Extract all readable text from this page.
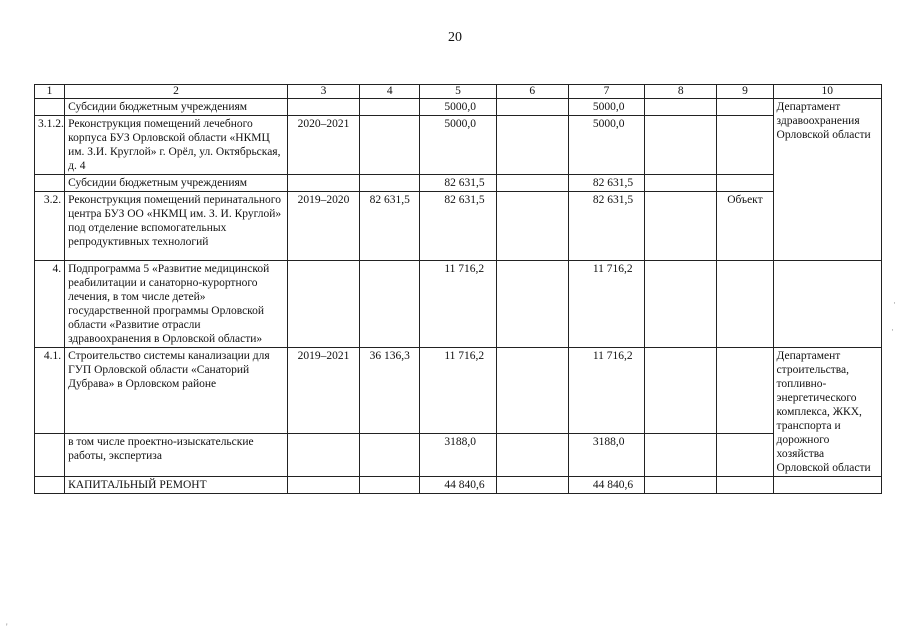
20
1	2	3	4	5	6	7	8	9	10
	Субсидии бюджетным учреждениям			5000,0		5000,0			Департамент здравоохранения Орловской области
3.1.2.	Реконструкция помещений лечебного корпуса БУЗ Орловской области «НКМЦ им. З.И. Круглой» г. Орёл, ул. Октябрьская, д. 4	2020–2021		5000,0		5000,0			
	Субсидии бюджетным учреждениям			82 631,5		82 631,5			
3.2.	Реконструкция помещений перинатального центра БУЗ ОО «НКМЦ им. З. И. Круглой» под отделение вспомогательных репродуктивных технологий	2019–2020	82 631,5	82 631,5		82 631,5		Объект	
4.	Подпрограмма 5 «Развитие медицинской реабилитации и санаторно-курортного лечения, в том числе детей» государственной программы Орловской области «Развитие отрасли здравоохранения в Орловской области»			11 716,2		11 716,2			
4.1.	Строительство системы канализации для ГУП Орловской области «Санаторий Дубрава» в Орловском районе	2019–2021	36 136,3	11 716,2		11 716,2			Департамент строительства, топливно-энергетического комплекса, ЖКХ, транспорта и дорожного хозяйства Орловской области
	в том числе проектно-изыскательские работы, экспертиза			3188,0		3188,0			
	КАПИТАЛЬНЫЙ РЕМОНТ			44 840,6		44 840,6			
·
·
'
